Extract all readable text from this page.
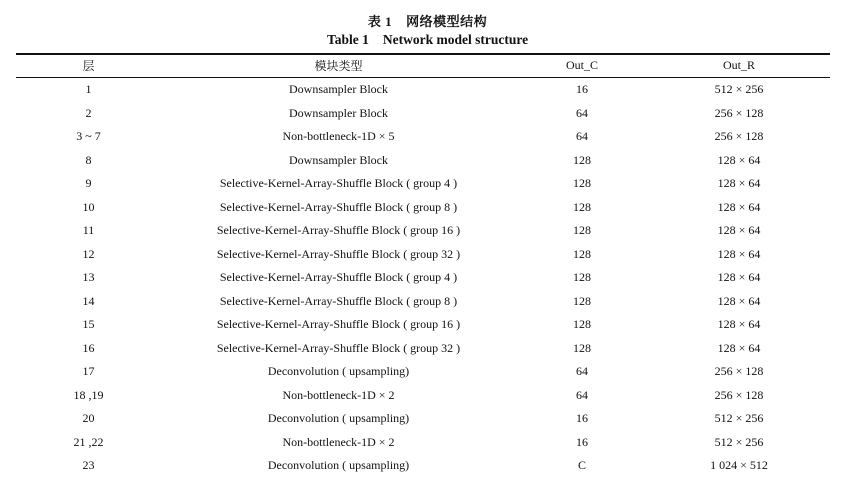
表 1 网络模型结构
Table 1 Network model structure
层	模块类型	Out_C	Out_R
1	Downsampler Block	16	512 × 256
2	Downsampler Block	64	256 × 128
3 ~ 7	Non-bottleneck-1D × 5	64	256 × 128
8	Downsampler Block	128	128 × 64
9	Selective-Kernel-Array-Shuffle Block ( group 4 )	128	128 × 64
10	Selective-Kernel-Array-Shuffle Block ( group 8 )	128	128 × 64
11	Selective-Kernel-Array-Shuffle Block ( group 16 )	128	128 × 64
12	Selective-Kernel-Array-Shuffle Block ( group 32 )	128	128 × 64
13	Selective-Kernel-Array-Shuffle Block ( group 4 )	128	128 × 64
14	Selective-Kernel-Array-Shuffle Block ( group 8 )	128	128 × 64
15	Selective-Kernel-Array-Shuffle Block ( group 16 )	128	128 × 64
16	Selective-Kernel-Array-Shuffle Block ( group 32 )	128	128 × 64
17	Deconvolution ( upsampling)	64	256 × 128
18 ,19	Non-bottleneck-1D × 2	64	256 × 128
20	Deconvolution ( upsampling)	16	512 × 256
21 ,22	Non-bottleneck-1D × 2	16	512 × 256
23	Deconvolution ( upsampling)	C	1 024 × 512
